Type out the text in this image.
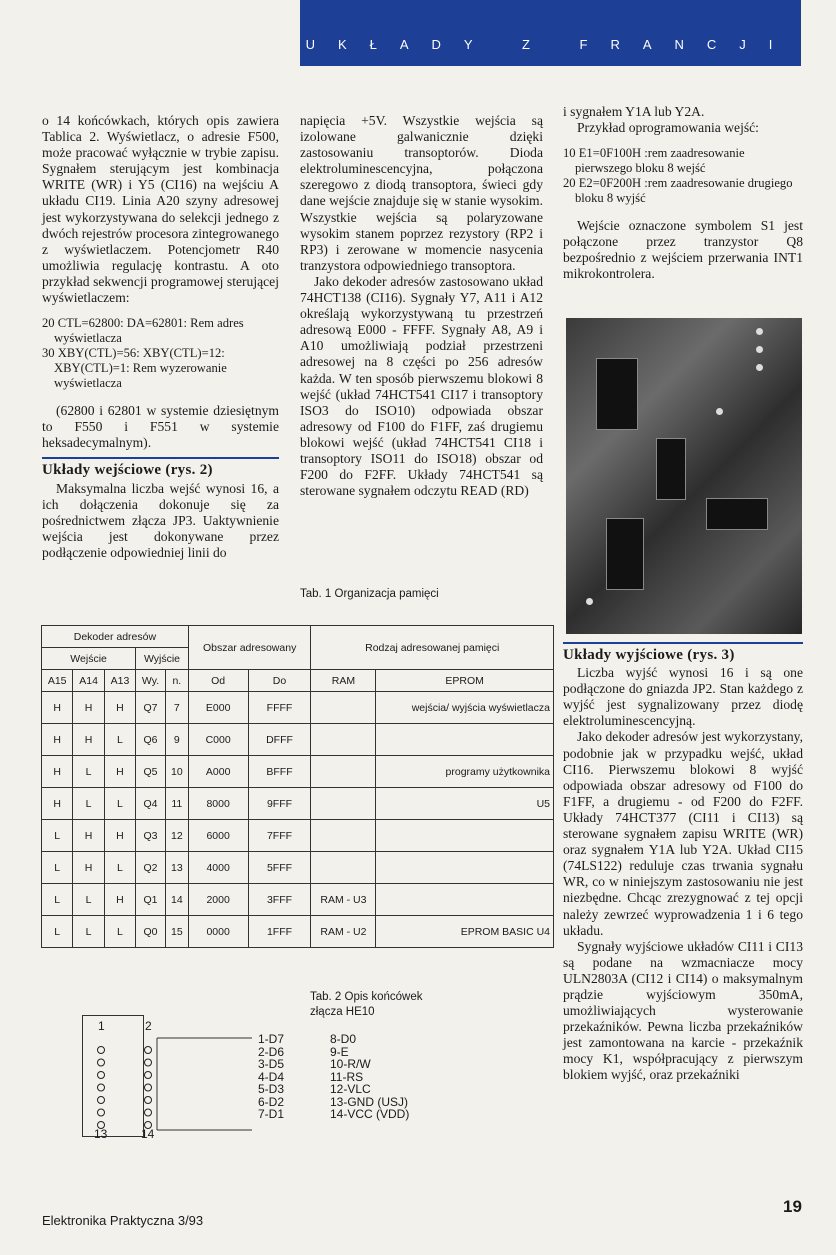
UKŁADY Z FRANCJI

o 14 końcówkach, których opis zawiera Tablica 2. Wyświetlacz, o adresie F500, może pracować wyłącznie w trybie zapisu. Sygnałem sterującym jest kombinacja WRITE (WR) i Y5 (CI16) na wejściu A układu CI19. Linia A20 szyny adresowej jest wykorzystywana do selekcji jednego z dwóch rejestrów procesora zintegrowanego z wyświetlaczem. Potencjometr R40 umożliwia regulację kontrastu. A oto przykład sekwencji programowej sterującej wyświetlaczem:

20 CTL=62800: DA=62801: Rem adres wyświetlacza
30 XBY(CTL)=56: XBY(CTL)=12: XBY(CTL)=1: Rem wyzerowanie wyświetlacza

(62800 i 62801 w systemie dziesiętnym to F550 i F551 w systemie heksadecymalnym).

Układy wejściowe (rys. 2)

Maksymalna liczba wejść wynosi 16, a ich dołączenia dokonuje się za pośrednictwem złącza JP3. Uaktywnienie wejścia jest dokonywane przez podłączenie odpowiedniej linii do

napięcia +5V. Wszystkie wejścia są izolowane galwanicznie dzięki zastosowaniu transoptorów. Dioda elektroluminescencyjna, połączona szeregowo z diodą transoptora, świeci gdy dane wejście znajduje się w stanie wysokim. Wszystkie wejścia są polaryzowane wysokim stanem poprzez rezystory (RP2 i RP3) i zerowane w momencie nasycenia tranzystora odpowiedniego transoptora.

Jako dekoder adresów zastosowano układ 74HCT138 (CI16). Sygnały Y7, A11 i A12 określają wykorzystywaną tu przestrzeń adresową E000 - FFFF. Sygnały A8, A9 i A10 umożliwiają podział przestrzeni adresowej na 8 części po 256 adresów każda. W ten sposób pierwszemu blokowi 8 wejść (układ 74HCT541 CI17 i transoptory ISO3 do ISO10) odpowiada obszar adresowy od F100 do F1FF, zaś drugiemu blokowi wejść (układ 74HCT541 CI18 i transoptory ISO11 do ISO18) obszar od F200 do F2FF. Układy 74HCT541 są sterowane sygnałem odczytu READ (RD)

Tab. 1 Organizacja pamięci

i sygnałem Y1A lub Y2A.

Przykład oprogramowania wejść:

10 E1=0F100H :rem zaadresowanie pierwszego bloku 8 wejść
20 E2=0F200H :rem zaadresowanie drugiego bloku 8 wyjść

Wejście oznaczone symbolem S1 jest połączone przez tranzystor Q8 bezpośrednio z wejściem przerwania INT1 mikrokontrolera.

Układy wyjściowe (rys. 3)

Liczba wyjść wynosi 16 i są one podłączone do gniazda JP2. Stan każdego z wyjść jest sygnalizowany przez diodę elektroluminescencyjną.

Jako dekoder adresów jest wykorzystany, podobnie jak w przypadku wejść, układ CI16. Pierwszemu blokowi 8 wyjść odpowiada obszar adresowy od F100 do F1FF, a drugiemu - od F200 do F2FF. Układy 74HCT377 (CI11 i CI13) są sterowane sygnałem zapisu WRITE (WR) oraz sygnałem Y1A lub Y2A. Układ CI15 (74LS122) reduluje czas trwania sygnału WR, co w niniejszym zastosowaniu nie jest niezbędne. Chcąc zrezygnować z tej opcji należy zewrzeć wyprowadzenia 1 i 6 tego układu.

Sygnały wyjściowe układów CI11 i CI13 są podane na wzmacniacze mocy ULN2803A (CI12 i CI14) o maksymalnym prądzie wyjściowym 350mA, umożliwiających wysterowanie przekaźników. Pewna liczba przekaźników jest zamontowana na karcie - przekaźnik mocy K1, współpracujący z pierwszym blokiem wyjść, oraz przekaźniki

Dekoder adresów					Obszar adresowany		Rodzaj adresowanej pamięci	
Wejście			Wyjście					
A15	A14	A13	Wy.	n.	Od	Do	RAM	EPROM
H	H	H	Q7	7	E000	FFFF		wejścia/ wyjścia wyświetlacza
H	H	L	Q6	9	C000	DFFF		
H	L	H	Q5	10	A000	BFFF		programy użytkownika
H	L	L	Q4	11	8000	9FFF		U5
L	H	H	Q3	12	6000	7FFF		
L	H	L	Q2	13	4000	5FFF		
L	L	H	Q1	14	2000	3FFF	RAM - U3	
L	L	L	Q0	15	0000	1FFF	RAM - U2	EPROM BASIC U4
Tab. 2 Opis końcówek
złącza HE10
1	2
13	14
1-D7
2-D6
3-D5
4-D4
5-D3
6-D2
7-D1
8-D0
9-E
10-R/W
11-RS
12-VLC
13-GND (USJ)
14-VCC (VDD)
Elektronika Praktyczna 3/93
19
